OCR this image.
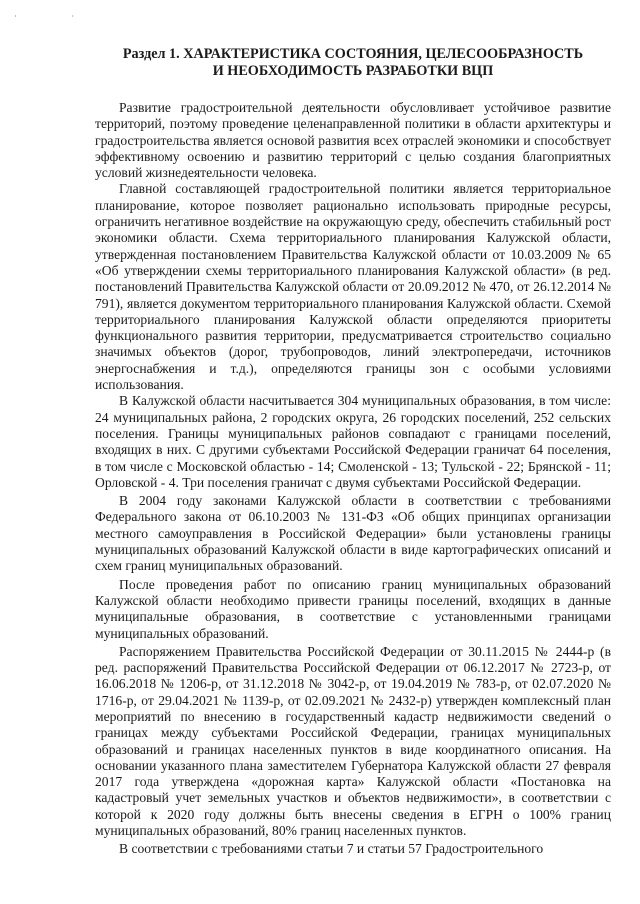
˙ ˙
Раздел 1. ХАРАКТЕРИСТИКА СОСТОЯНИЯ, ЦЕЛЕСООБРАЗНОСТЬ
И НЕОБХОДИМОСТЬ РАЗРАБОТКИ ВЦП

Развитие градостроительной деятельности обусловливает устойчивое развитие территорий, поэтому проведение целенаправленной политики в области архитектуры и градостроительства является основой развития всех отраслей экономики и способствует эффективному освоению и развитию территорий с целью создания благоприятных условий жизнедеятельности человека.

Главной составляющей градостроительной политики является территориальное планирование, которое позволяет рационально использовать природные ресурсы, ограничить негативное воздействие на окружающую среду, обеспечить стабильный рост экономики области. Схема территориального планирования Калужской области, утвержденная постановлением Правительства Калужской области от 10.03.2009 № 65 «Об утверждении схемы территориального планирования Калужской области» (в ред. постановлений Правительства Калужской области от 20.09.2012 № 470, от 26.12.2014 № 791), является документом территориального планирования Калужской области. Схемой территориального планирования Калужской области определяются приоритеты функционального развития территории, предусматривается строительство социально значимых объектов (дорог, трубопроводов, линий электропередачи, источников энергоснабжения и т.д.), определяются границы зон с особыми условиями использования.

В Калужской области насчитывается 304 муниципальных образования, в том числе: 24 муниципальных района, 2 городских округа, 26 городских поселений, 252 сельских поселения. Границы муниципальных районов совпадают с границами поселений, входящих в них. С другими субъектами Российской Федерации граничат 64 поселения, в том числе с Московской областью - 14; Смоленской - 13; Тульской - 22; Брянской - 11; Орловской - 4. Три поселения граничат с двумя субъектами Российской Федерации.

В 2004 году законами Калужской области в соответствии с требованиями Федерального закона от 06.10.2003 № 131-ФЗ «Об общих принципах организации местного самоуправления в Российской Федерации» были установлены границы муниципальных образований Калужской области в виде картографических описаний и схем границ муниципальных образований.

После проведения работ по описанию границ муниципальных образований Калужской области необходимо привести границы поселений, входящих в данные муниципальные образования, в соответствие с установленными границами муниципальных образований.

Распоряжением Правительства Российской Федерации от 30.11.2015 № 2444-р (в ред. распоряжений Правительства Российской Федерации от 06.12.2017 № 2723-р, от 16.06.2018 № 1206-р, от 31.12.2018 № 3042-р, от 19.04.2019 № 783-р, от 02.07.2020 № 1716-р, от 29.04.2021 № 1139-р, от 02.09.2021 № 2432-р) утвержден комплексный план мероприятий по внесению в государственный кадастр недвижимости сведений о границах между субъектами Российской Федерации, границах муниципальных образований и границах населенных пунктов в виде координатного описания. На основании указанного плана заместителем Губернатора Калужской области 27 февраля 2017 года утверждена «дорожная карта» Калужской области «Постановка на кадастровый учет земельных участков и объектов недвижимости», в соответствии с которой к 2020 году должны быть внесены сведения в ЕГРН о 100% границ муниципальных образований, 80% границ населенных пунктов.

В соответствии с требованиями статьи 7 и статьи 57 Градостроительного
